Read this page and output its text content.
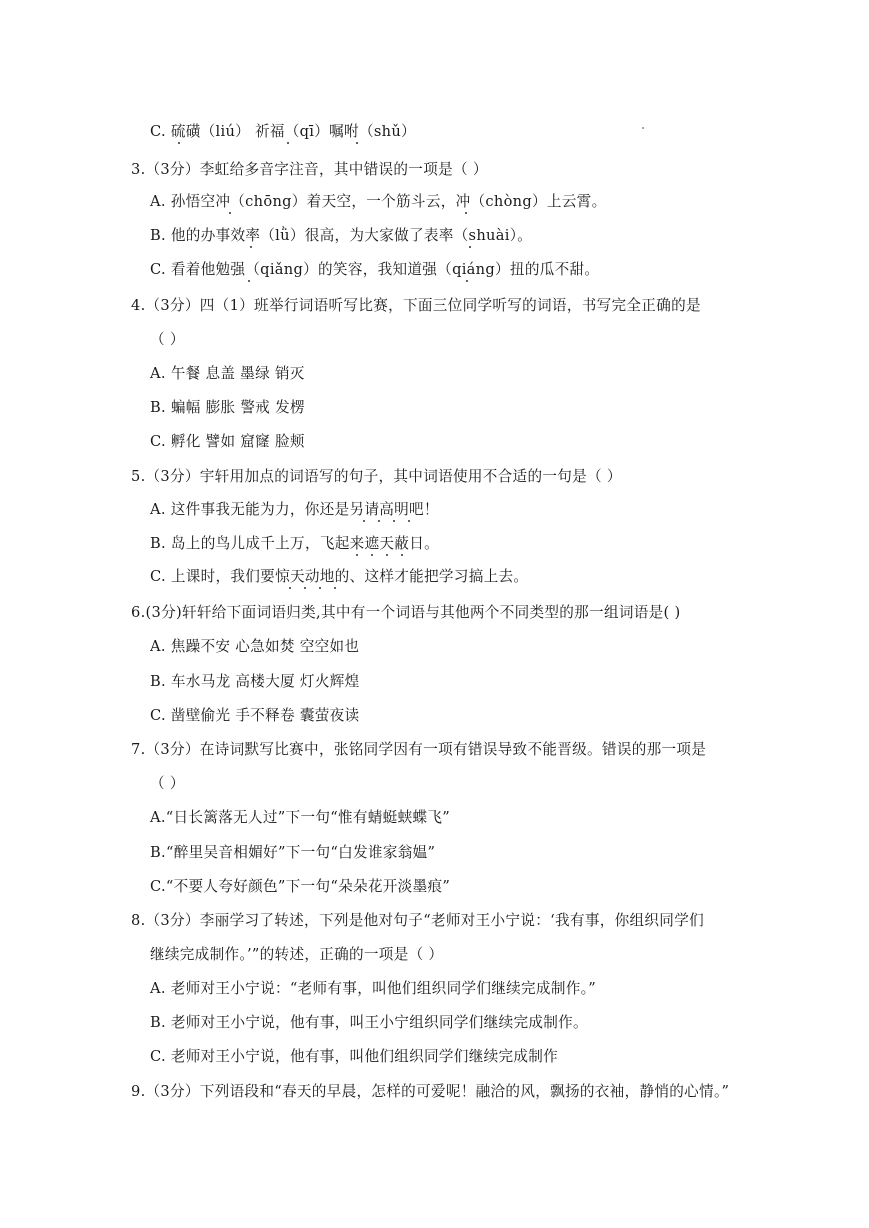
C. 硫磺（liú） 祈福（qī）嘱咐（shǔ）
3.（3分）李虹给多音字注音，其中错误的一项是（ ）
A. 孙悟空冲（chōng）着天空，一个筋斗云，冲（chòng）上云霄。
B. 他的办事效率（lǜ）很高，为大家做了表率（shuài）。
C. 看着他勉强（qiǎng）的笑容，我知道强（qiáng）扭的瓜不甜。
4.（3分）四（1）班举行词语听写比赛，下面三位同学听写的词语，书写完全正确的是
（ ）
A. 午餐 息盖 墨绿 销灭
B. 蝙幅 膨胀 警戒 发楞
C. 孵化 譬如 窟窿 脸颊
5.（3分）宇轩用加点的词语写的句子，其中词语使用不合适的一句是（ ）
A. 这件事我无能为力，你还是另请高明吧！
B. 岛上的鸟儿成千上万，飞起来遮天蔽日。
C. 上课时，我们要惊天动地的、这样才能把学习搞上去。
6.(3分)轩轩给下面词语归类,其中有一个词语与其他两个不同类型的那一组词语是( )
A. 焦躁不安 心急如焚 空空如也
B. 车水马龙 高楼大厦 灯火辉煌
C. 凿壁偷光 手不释卷 囊萤夜读
7.（3分）在诗词默写比赛中，张铭同学因有一项有错误导致不能晋级。错误的那一项是
（ ）
A.“日长篱落无人过”下一句“惟有蜻蜓蛱蝶飞”
B.“醉里吴音相媚好”下一句“白发谁家翁媪”
C.“不要人夸好颜色”下一句“朵朵花开淡墨痕”
8.（3分）李丽学习了转述，下列是他对句子“老师对王小宁说：‘我有事，你组织同学们
继续完成制作。’”的转述，正确的一项是（ ）
A. 老师对王小宁说：“老师有事，叫他们组织同学们继续完成制作。”
B. 老师对王小宁说，他有事，叫王小宁组织同学们继续完成制作。
C. 老师对王小宁说，他有事，叫他们组织同学们继续完成制作
9.（3分）下列语段和“春天的早晨，怎样的可爱呢！融洽的风，飘扬的衣袖，静悄的心情。”
